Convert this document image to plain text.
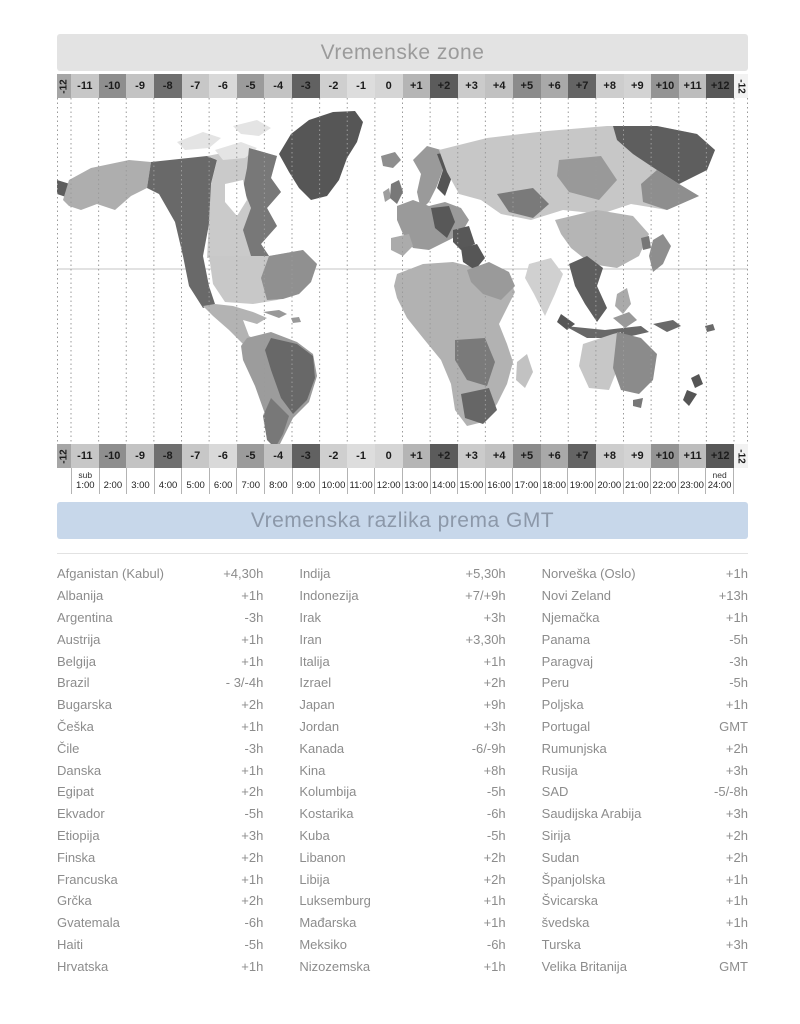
Vremenske zone
-12 -11 -10 -9 -8 -7 -6 -5 -4 -3 -2 -1 0 +1 +2 +3 +4 +5 +6 +7 +8 +9 +10 +11 +12 -12
-12 -11 -10 -9 -8 -7 -6 -5 -4 -3 -2 -1 0 +1 +2 +3 +4 +5 +6 +7 +8 +9 +10 +11 +12 -12
sub
1:00 2:00 3:00 4:00 5:00 6:00 7:00 8:00 9:00 10:00 11:00 12:00 13:00 14:00 15:00 16:00 17:00 18:00 19:00 20:00 21:00 22:00 23:00
ned
24:00
Vremenska razlika prema GMT
Afganistan (Kabul)	+4,30h
Albanija	+1h
Argentina	-3h
Austrija	+1h
Belgija	+1h
Brazil	- 3/-4h
Bugarska	+2h
Češka	+1h
Čile	-3h
Danska	+1h
Egipat	+2h
Ekvador	-5h
Etiopija	+3h
Finska	+2h
Francuska	+1h
Grčka	+2h
Gvatemala	-6h
Haiti	-5h
Hrvatska	+1h
Indija	+5,30h
Indonezija	+7/+9h
Irak	+3h
Iran	+3,30h
Italija	+1h
Izrael	+2h
Japan	+9h
Jordan	+3h
Kanada	-6/-9h
Kina	+8h
Kolumbija	-5h
Kostarika	-6h
Kuba	-5h
Libanon	+2h
Libija	+2h
Luksemburg	+1h
Mađarska	+1h
Meksiko	-6h
Nizozemska	+1h
Norveška (Oslo)	+1h
Novi Zeland	+13h
Njemačka	+1h
Panama	-5h
Paragvaj	-3h
Peru	-5h
Poljska	+1h
Portugal	GMT
Rumunjska	+2h
Rusija	+3h
SAD	-5/-8h
Saudijska Arabija	+3h
Sirija	+2h
Sudan	+2h
Španjolska	+1h
Švicarska	+1h
švedska	+1h
Turska	+3h
Velika Britanija	GMT
